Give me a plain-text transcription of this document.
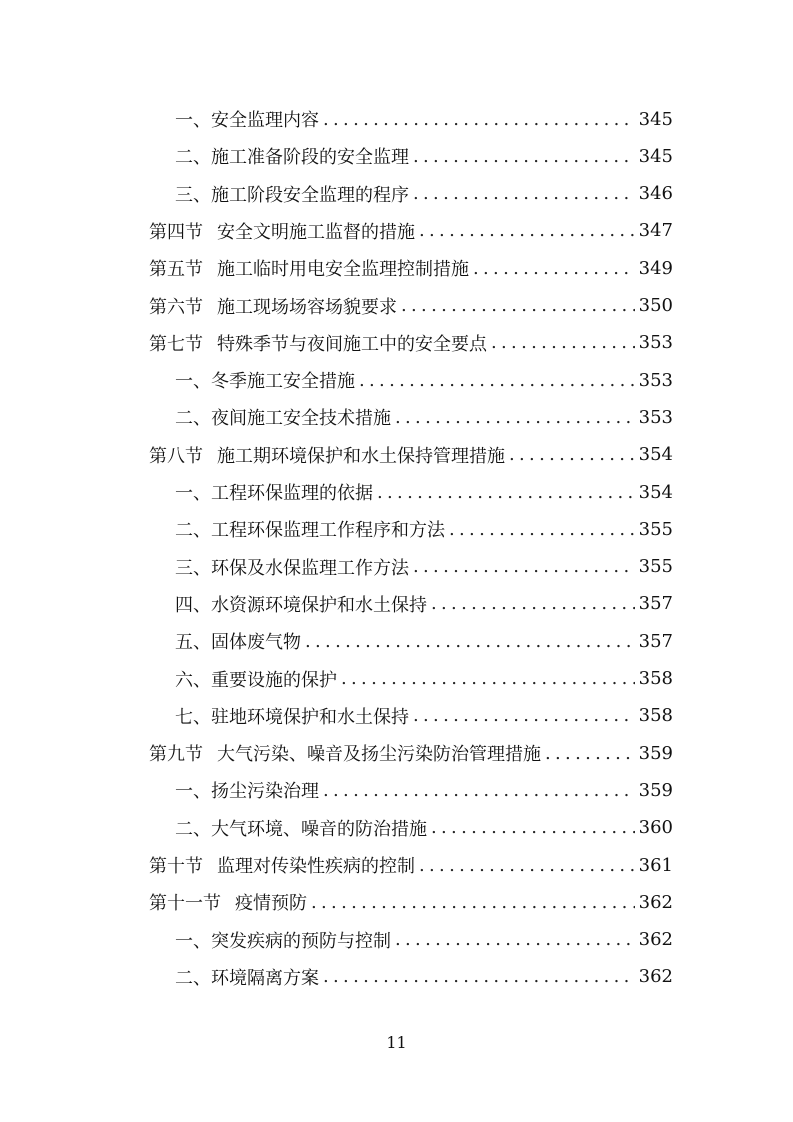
一、安全监理内容 .....	345
二、施工准备阶段的安全监理 .....	345
三、施工阶段安全监理的程序 .....	346
第四节 安全文明施工监督的措施 .....	347
第五节 施工临时用电安全监理控制措施 .....	349
第六节 施工现场场容场貌要求 .....	350
第七节 特殊季节与夜间施工中的安全要点 .....	353
一、冬季施工安全措施 .....	353
二、夜间施工安全技术措施 .....	353
第八节 施工期环境保护和水土保持管理措施 .....	354
一、工程环保监理的依据 .....	354
二、工程环保监理工作程序和方法 .....	355
三、环保及水保监理工作方法 .....	355
四、水资源环境保护和水土保持 .....	357
五、固体废气物 .....	357
六、重要设施的保护 .....	358
七、驻地环境保护和水土保持 .....	358
第九节 大气污染、噪音及扬尘污染防治管理措施 .....	359
一、扬尘污染治理 .....	359
二、大气环境、噪音的防治措施 .....	360
第十节 监理对传染性疾病的控制 .....	361
第十一节 疫情预防 .....	362
一、突发疾病的预防与控制 .....	362
二、环境隔离方案 .....	362
11
